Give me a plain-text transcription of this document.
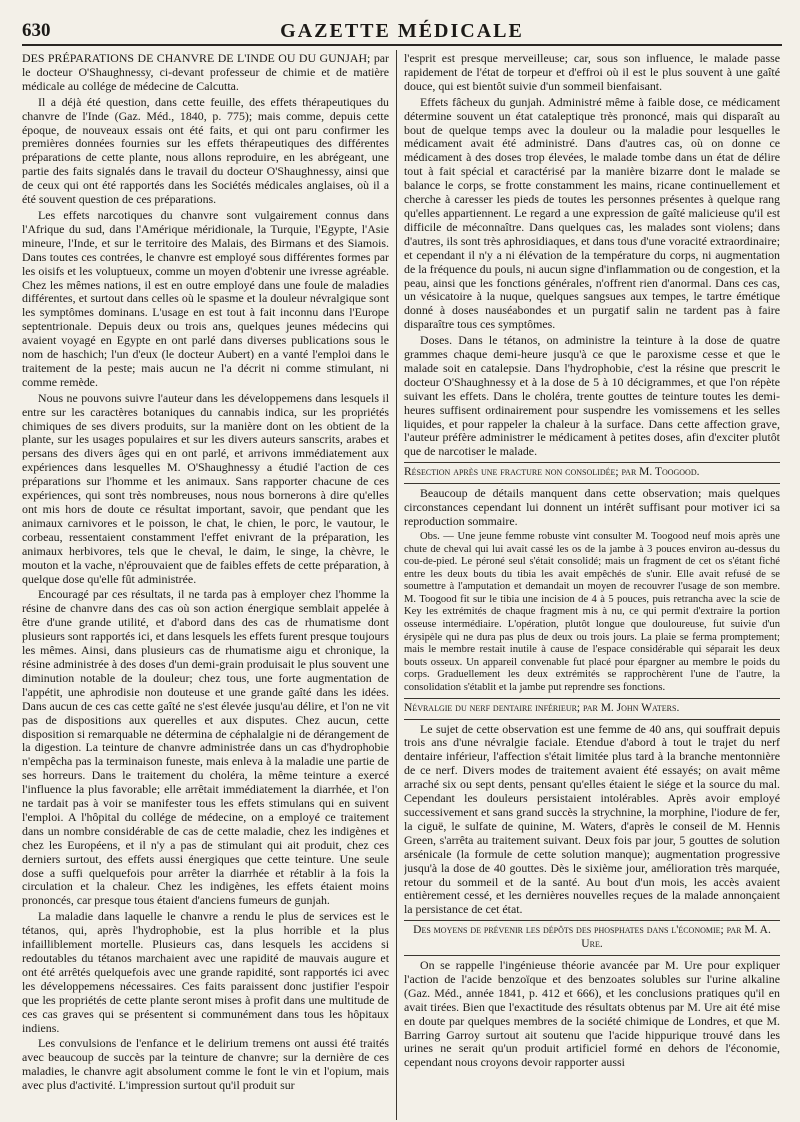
630	GAZETTE MÉDICALE

DES PRÉPARATIONS DE CHANVRE DE L'INDE OU DU GUNJAH; par le docteur O'Shaughnessy, ci-devant professeur de chimie et de matière médicale au collége de médecine de Calcutta.

Il a déjà été question, dans cette feuille, des effets thérapeutiques du chanvre de l'Inde (Gaz. Méd., 1840, p. 775); mais comme, depuis cette époque, de nouveaux essais ont été faits, et qui ont paru confirmer les premières données fournies sur les effets thérapeutiques des différentes préparations de cette plante, nous allons reproduire, en les abrégeant, une partie des faits signalés dans le travail du docteur O'Shaughnessy, ainsi que de ceux qui ont été rapportés dans les Sociétés médicales anglaises, où il a été souvent question de ces préparations.

Les effets narcotiques du chanvre sont vulgairement connus dans l'Afrique du sud, dans l'Amérique méridionale, la Turquie, l'Egypte, l'Asie mineure, l'Inde, et sur le territoire des Malais, des Birmans et des Siamois. Dans toutes ces contrées, le chanvre est employé sous différentes formes par les oisifs et les voluptueux, comme un moyen d'obtenir une ivresse agréable. Chez les mêmes nations, il est en outre employé dans une foule de maladies différentes, et surtout dans celles où le spasme et la douleur névralgique sont les symptômes dominans. L'usage en est tout à fait inconnu dans l'Europe septentrionale. Depuis deux ou trois ans, quelques jeunes médecins qui avaient voyagé en Egypte en ont parlé dans diverses publications sous le nom de haschich; l'un d'eux (le docteur Aubert) en a vanté l'emploi dans le traitement de la peste; mais aucun ne l'a décrit ni comme stimulant, ni comme remède.

Nous ne pouvons suivre l'auteur dans les développemens dans lesquels il entre sur les caractères botaniques du cannabis indica, sur les propriétés chimiques de ses divers produits, sur la manière dont on les obtient de la plante, sur les usages populaires et sur les divers auteurs sanscrits, arabes et persans des divers âges qui en ont parlé, et arrivons immédiatement aux expériences dans lesquelles M. O'Shaughnessy a étudié l'action de ces préparations sur l'homme et les animaux. Sans rapporter chacune de ces expériences, qui sont très nombreuses, nous nous bornerons à dire qu'elles ont mis hors de doute ce résultat important, savoir, que pendant que les animaux carnivores et le poisson, le chat, le chien, le porc, le vautour, le corbeau, ressentaient constamment l'effet enivrant de la préparation, les animaux herbivores, tels que le cheval, le daim, le singe, la chèvre, le mouton et la vache, n'éprouvaient que de faibles effets de cette préparation, à quelque dose qu'elle fût administrée.

Encouragé par ces résultats, il ne tarda pas à employer chez l'homme la résine de chanvre dans des cas où son action énergique semblait appelée à être d'une grande utilité, et d'abord dans des cas de rhumatisme dont plusieurs sont rapportés ici, et dans lesquels les effets furent presque toujours les mêmes. Ainsi, dans plusieurs cas de rhumatisme aigu et chronique, la résine administrée à des doses d'un demi-grain produisait le plus souvent une diminution notable de la douleur; chez tous, une forte augmentation de l'appétit, une aphrodisie non douteuse et une grande gaîté dans les idées. Dans aucun de ces cas cette gaîté ne s'est élevée jusqu'au délire, et l'on ne vit pas de dispositions aux querelles et aux disputes. Chez aucun, cette disposition si remarquable ne détermina de céphalalgie ni de dérangement de la digestion. La teinture de chanvre administrée dans un cas d'hydrophobie n'empêcha pas la terminaison funeste, mais enleva à la maladie une partie de ses horreurs. Dans le traitement du choléra, la même teinture a exercé l'influence la plus favorable; elle arrêtait immédiatement la diarrhée, et l'on ne tardait pas à voir se manifester tous les effets stimulans qui en suivent l'emploi. A l'hôpital du collége de médecine, on a employé ce traitement dans un nombre considérable de cas de cette maladie, chez les indigènes et chez les Européens, et il n'y a pas de stimulant qui ait produit, chez ces derniers surtout, des effets aussi énergiques que cette teinture. Une seule dose a suffi quelquefois pour arrêter la diarrhée et rétablir à la fois la circulation et la chaleur. Chez les indigènes, les effets étaient moins prononcés, car presque tous étaient d'anciens fumeurs de gunjah.

La maladie dans laquelle le chanvre a rendu le plus de services est le tétanos, qui, après l'hydrophobie, est la plus horrible et la plus infailliblement mortelle. Plusieurs cas, dans lesquels les accidens si redoutables du tétanos marchaient avec une rapidité de mauvais augure et ont été arrêtés quelquefois avec une grande rapidité, sont rapportés ici avec les développemens nécessaires. Ces faits paraissent donc justifier l'espoir que les propriétés de cette plante seront mises à profit dans une multitude de ces cas graves qui se présentent si communément dans tous les hôpitaux indiens.

Les convulsions de l'enfance et le delirium tremens ont aussi été traités avec beaucoup de succès par la teinture de chanvre; sur la dernière de ces maladies, le chanvre agit absolument comme le font le vin et l'opium, mais avec plus d'activité. L'impression surtout qu'il produit sur

l'esprit est presque merveilleuse; car, sous son influence, le malade passe rapidement de l'état de torpeur et d'effroi où il est le plus souvent à une gaîté douce, qui est bientôt suivie d'un sommeil bienfaisant.

Effets fâcheux du gunjah. Administré même à faible dose, ce médicament détermine souvent un état cataleptique très prononcé, mais qui disparaît au bout de quelque temps avec la douleur ou la maladie pour lesquelles le médicament avait été administré. Dans d'autres cas, où on donne ce médicament à des doses trop élevées, le malade tombe dans un état de délire tout à fait spécial et caractérisé par la manière bizarre dont le malade se balance le corps, se frotte constamment les mains, ricane continuellement et cherche à caresser les pieds de toutes les personnes présentes à quelque rang qu'elles appartiennent. Le regard a une expression de gaîté malicieuse qu'il est difficile de méconnaître. Dans quelques cas, les malades sont violens; dans d'autres, ils sont très aphrosidiaques, et dans tous d'une voracité extraordinaire; et cependant il n'y a ni élévation de la température du corps, ni augmentation de la fréquence du pouls, ni aucun signe d'inflammation ou de congestion, et la peau, ainsi que les fonctions générales, n'offrent rien d'anormal. Dans ces cas, un vésicatoire à la nuque, quelques sangsues aux tempes, le tartre émétique donné à doses nauséabondes et un purgatif salin ne tardent pas à faire disparaître tous ces symptômes.

Doses. Dans le tétanos, on administre la teinture à la dose de quatre grammes chaque demi-heure jusqu'à ce que le paroxisme cesse et que le malade soit en catalepsie. Dans l'hydrophobie, c'est la résine que prescrit le docteur O'Shaughnessy et à la dose de 5 à 10 décigrammes, et que l'on répète suivant les effets. Dans le choléra, trente gouttes de teinture toutes les demi-heures suffisent ordinairement pour suspendre les vomissemens et les selles liquides, et pour rappeler la chaleur à la surface. Dans cette affection grave, l'auteur préfère administrer le médicament à petites doses, afin d'exciter plutôt que de narcotiser le malade.

Résection après une fracture non consolidée; par M. Toogood.

Beaucoup de détails manquent dans cette observation; mais quelques circonstances cependant lui donnent un intérêt suffisant pour motiver ici sa reproduction sommaire.

Obs. — Une jeune femme robuste vint consulter M. Toogood neuf mois après une chute de cheval qui lui avait cassé les os de la jambe à 3 pouces environ au-dessus du cou-de-pied. Le péroné seul s'était consolidé; mais un fragment de cet os s'étant fiché entre les deux bouts du tibia les avait empêchés de s'unir. Elle avait refusé de se soumettre à l'amputation et demandait un moyen de recouvrer l'usage de son membre. M. Toogood fit sur le tibia une incision de 4 à 5 pouces, puis retrancha avec la scie de Key les extrémités de chaque fragment mis à nu, ce qui permit d'extraire la portion osseuse intermédiaire. L'opération, plutôt longue que douloureuse, fut suivie d'un érysipèle qui ne dura pas plus de deux ou trois jours. La plaie se ferma promptement; mais le membre restait inutile à cause de l'espace considérable qui séparait les deux bouts osseux. Un appareil convenable fut placé pour épargner au membre le poids du corps. Graduellement les deux extrémités se rapprochèrent l'une de l'autre, la consolidation s'établit et la jambe put reprendre ses fonctions.

Névralgie du nerf dentaire inférieur; par M. John Waters.

Le sujet de cette observation est une femme de 40 ans, qui souffrait depuis trois ans d'une névralgie faciale. Etendue d'abord à tout le trajet du nerf dentaire inférieur, l'affection s'était limitée plus tard à la branche mentonnière de ce nerf. Divers modes de traitement avaient été essayés; on avait même arraché six ou sept dents, pensant qu'elles étaient le siége et la source du mal. Cependant les douleurs persistaient intolérables. Après avoir employé successivement et sans grand succès la strychnine, la morphine, l'iodure de fer, la ciguë, le sulfate de quinine, M. Waters, d'après le conseil de M. Hennis Green, s'arrêta au traitement suivant. Deux fois par jour, 5 gouttes de solution arsénicale (la formule de cette solution manque); augmentation progressive jusqu'à la dose de 40 gouttes. Dès le sixième jour, amélioration très marquée, retour du sommeil et de la santé. Au bout d'un mois, les accès avaient entièrement cessé, et les dernières nouvelles reçues de la malade annonçaient la persistance de cet état.

Des moyens de prévenir les dépôts des phosphates dans l'économie; par M. A. Ure.

On se rappelle l'ingénieuse théorie avancée par M. Ure pour expliquer l'action de l'acide benzoïque et des benzoates solubles sur l'urine alkaline (Gaz. Méd., année 1841, p. 412 et 666), et les conclusions pratiques qu'il en avait tirées. Bien que l'exactitude des résultats obtenus par M. Ure ait été mise en doute par quelques membres de la société chimique de Londres, et que M. Barring Garroy surtout ait soutenu que l'acide hippurique trouvé dans les urines ne serait qu'un produit artificiel formé en dehors de l'économie, cependant nous croyons devoir rapporter aussi
